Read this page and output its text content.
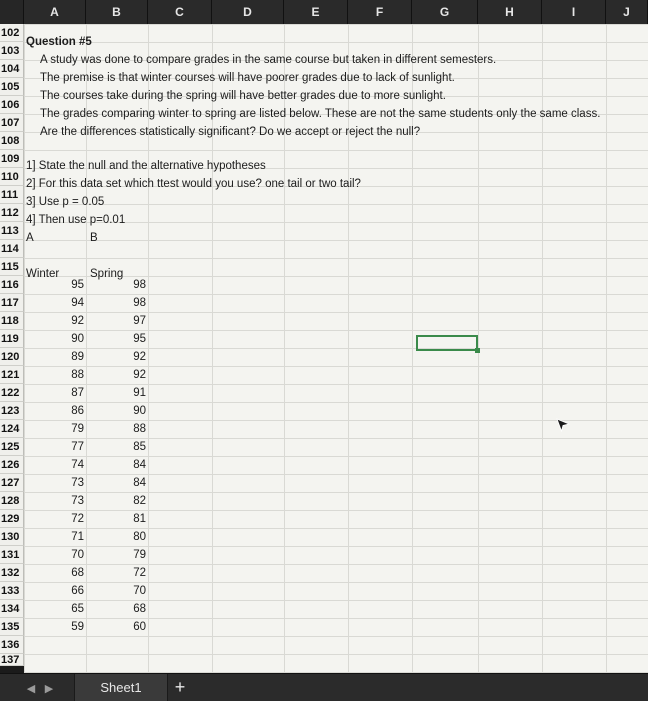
A	B	C	D	E	F	G	H	I	J
102
103
104
105
106
107
108
109
110
111
112
113
114
115
116
117
118
119
120
121
122
123
124
125
126
127
128
129
130
131
132
133
134
135
136
137
Question #5
A study was done to compare grades in the same course but taken in different semesters.
The premise is that winter courses will have poorer grades due to lack of sunlight.
The courses take during the spring will have better grades due to more sunlight.
The grades comparing winter to spring are listed below. These are not the same students only the same class.
Are the differences statistically significant? Do we accept or reject the null?
1] State the null and the alternative hypotheses
2] For this data set which ttest would you use? one tail or two tail?
3] Use p = 0.05
4] Then use p=0.01
A	B
Winter	Spring
95	98
94	98
92	97
90	95
89	92
88	92
87	91
86	90
79	88
77	85
74	84
73	84
73	82
72	81
71	80
70	79
68	72
66	70
65	68
59	60
◀ ▶	Sheet1	+
